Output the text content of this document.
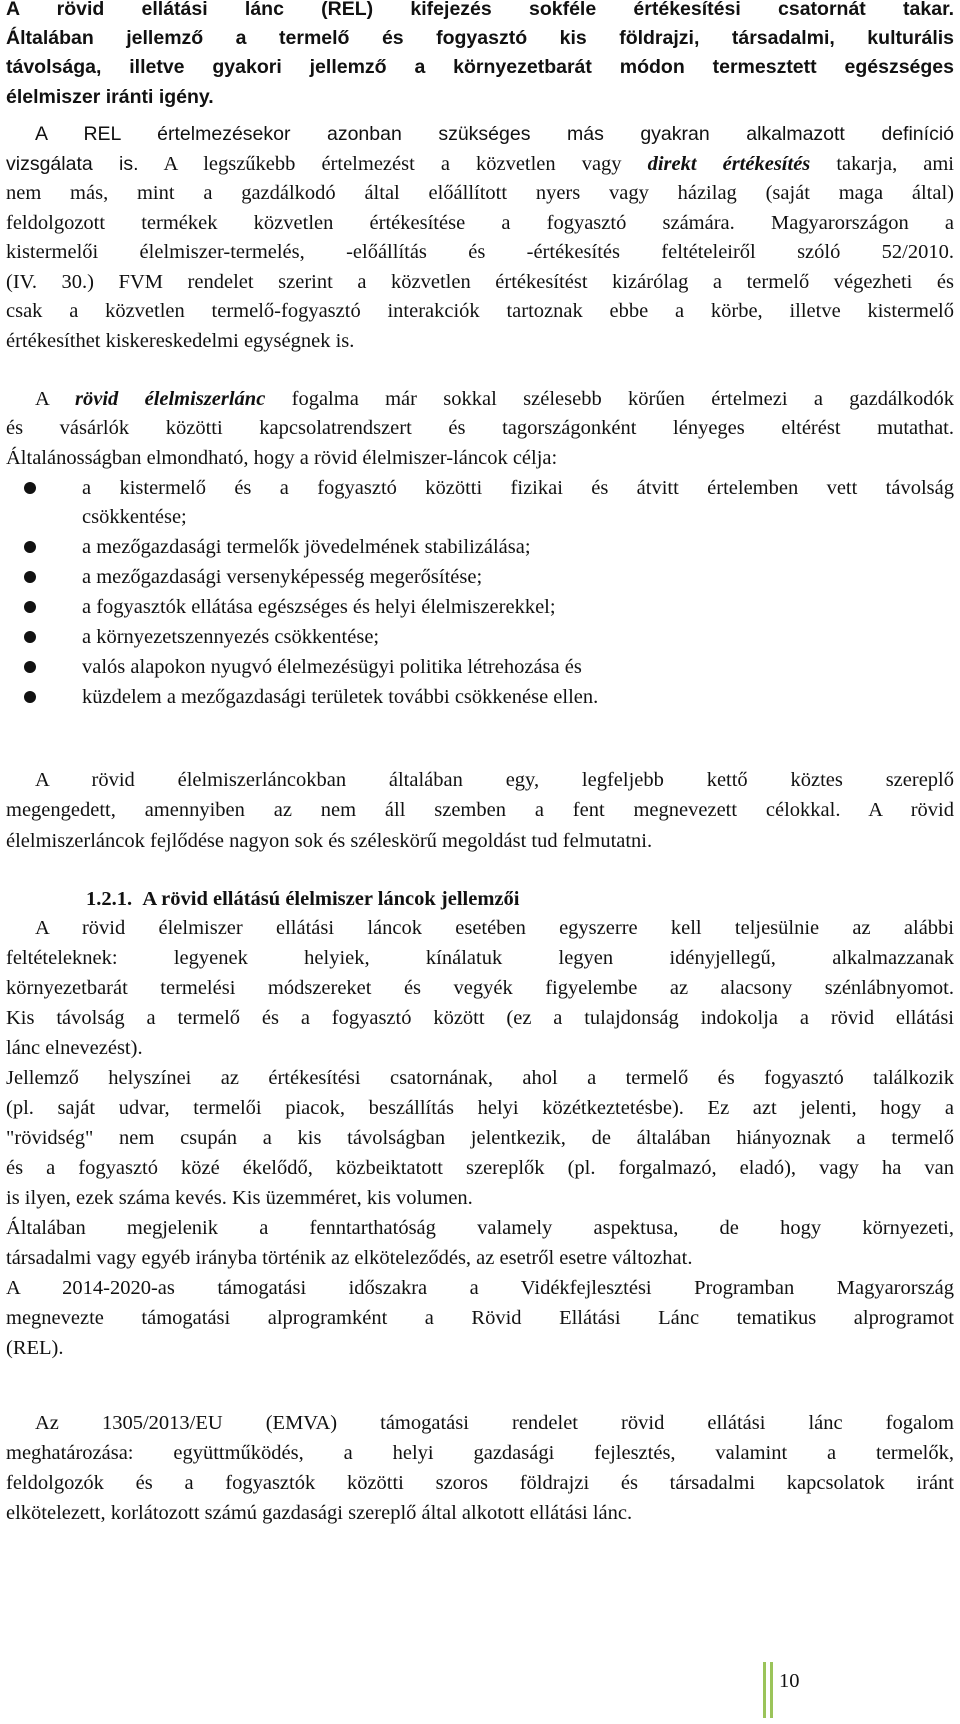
A rövid ellátási lánc (REL) kifejezés sokféle értékesítési csatornát takar.
Általában jellemző a termelő és fogyasztó kis földrajzi, társadalmi, kulturális
távolsága, illetve gyakori jellemző a környezetbarát módon termesztett egészséges
élelmiszer iránti igény.
A REL értelmezésekor azonban szükséges más gyakran alkalmazott definíció
vizsgálata is. A legszűkebb értelmezést a közvetlen vagy direkt értékesítés takarja, ami
nem más, mint a gazdálkodó által előállított nyers vagy házilag (saját maga által)
feldolgozott termékek közvetlen értékesítése a fogyasztó számára. Magyarországon a
kistermelői élelmiszer-termelés, -előállítás és -értékesítés feltételeiről szóló 52/2010.
(IV. 30.) FVM rendelet szerint a közvetlen értékesítést kizárólag a termelő végezheti és
csak a közvetlen termelő-fogyasztó interakciók tartoznak ebbe a körbe, illetve kistermelő
értékesíthet kiskereskedelmi egységnek is.
A rövid élelmiszerlánc fogalma már sokkal szélesebb körűen értelmezi a gazdálkodók
és vásárlók közötti kapcsolatrendszert és tagországonként lényeges eltérést mutathat.
Általánosságban elmondható, hogy a rövid élelmiszer-láncok célja:
a kistermelő és a fogyasztó közötti fizikai és átvitt értelemben vett távolság
csökkentése;
a mezőgazdasági termelők jövedelmének stabilizálása;
a mezőgazdasági versenyképesség megerősítése;
a fogyasztók ellátása egészséges és helyi élelmiszerekkel;
a környezetszennyezés csökkentése;
valós alapokon nyugvó élelmezésügyi politika létrehozása és
küzdelem a mezőgazdasági területek további csökkenése ellen.
A rövid élelmiszerláncokban általában egy, legfeljebb kettő köztes szereplő
megengedett, amennyiben az nem áll szemben a fent megnevezett célokkal. A rövid
élelmiszerláncok fejlődése nagyon sok és széleskörű megoldást tud felmutatni.
1.2.1. A rövid ellátású élelmiszer láncok jellemzői
A rövid élelmiszer ellátási láncok esetében egyszerre kell teljesülnie az alábbi
feltételeknek: legyenek helyiek, kínálatuk legyen idényjellegű, alkalmazzanak
környezetbarát termelési módszereket és vegyék figyelembe az alacsony szénlábnyomot.
Kis távolság a termelő és a fogyasztó között (ez a tulajdonság indokolja a rövid ellátási
lánc elnevezést).
Jellemző helyszínei az értékesítési csatornának, ahol a termelő és fogyasztó találkozik
(pl. saját udvar, termelői piacok, beszállítás helyi közétkeztetésbe). Ez azt jelenti, hogy a
"rövidség" nem csupán a kis távolságban jelentkezik, de általában hiányoznak a termelő
és a fogyasztó közé ékelődő, közbeiktatott szereplők (pl. forgalmazó, eladó), vagy ha van
is ilyen, ezek száma kevés. Kis üzemméret, kis volumen.
Általában megjelenik a fenntarthatóság valamely aspektusa, de hogy környezeti,
társadalmi vagy egyéb irányba történik az elköteleződés, az esetről esetre változhat.
A 2014-2020-as támogatási időszakra a Vidékfejlesztési Programban Magyarország
megnevezte támogatási alprogramként a Rövid Ellátási Lánc tematikus alprogramot
(REL).
Az 1305/2013/EU (EMVA) támogatási rendelet rövid ellátási lánc fogalom
meghatározása: együttműködés, a helyi gazdasági fejlesztés, valamint a termelők,
feldolgozók és a fogyasztók közötti szoros földrajzi és társadalmi kapcsolatok iránt
elkötelezett, korlátozott számú gazdasági szereplő által alkotott ellátási lánc.
10
